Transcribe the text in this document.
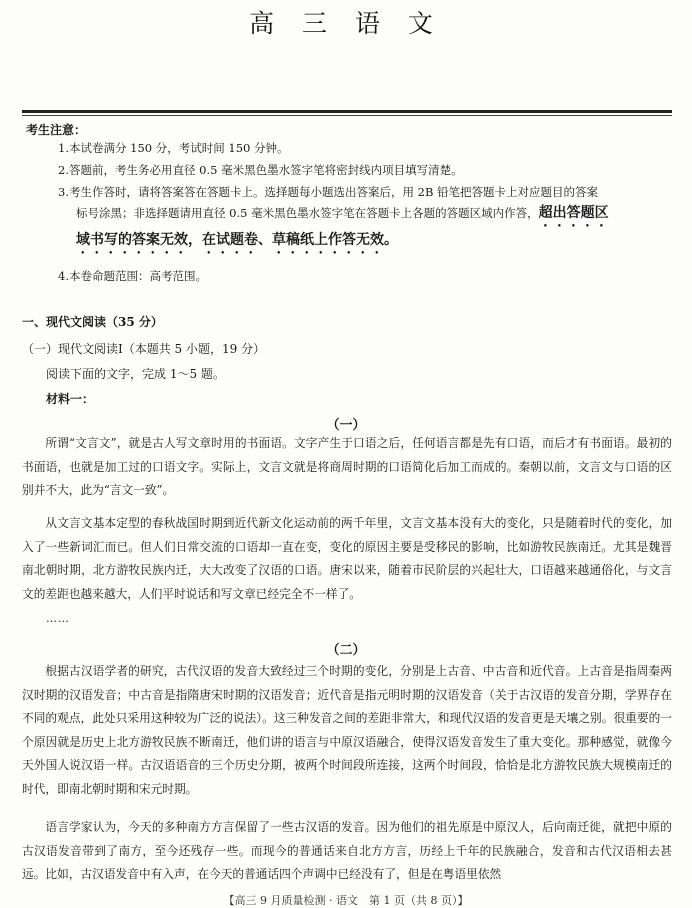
高 三 语 文
考生注意：
1.本试卷满分 150 分，考试时间 150 分钟。
2.答题前，考生务必用直径 0.5 毫米黑色墨水签字笔将密封线内项目填写清楚。
3.考生作答时，请将答案答在答题卡上。选择题每小题选出答案后，用 2B 铅笔把答题卡上对应题目的答案
标号涂黑；非选择题请用直径 0.5 毫米黑色墨水签字笔在答题卡上各题的答题区域内作答，超出答题区
域书写的答案无效，在试题卷、草稿纸上作答无效。
4.本卷命题范围：高考范围。
一、现代文阅读（35 分）
（一）现代文阅读Ⅰ（本题共 5 小题，19 分）
阅读下面的文字，完成 1～5 题。
材料一：
（一）

所谓“文言文”，就是古人写文章时用的书面语。文字产生于口语之后，任何语言都是先有口语，而后才有书面语。最初的书面语，也就是加工过的口语文字。实际上，文言文就是将商周时期的口语简化后加工而成的。秦朝以前，文言文与口语的区别并不大，此为“言文一致”。

从文言文基本定型的春秋战国时期到近代新文化运动前的两千年里，文言文基本没有大的变化，只是随着时代的变化，加入了一些新词汇而已。但人们日常交流的口语却一直在变，变化的原因主要是受移民的影响，比如游牧民族南迁。尤其是魏晋南北朝时期，北方游牧民族内迁，大大改变了汉语的口语。唐宋以来，随着市民阶层的兴起壮大，口语越来越通俗化，与文言文的差距也越来越大，人们平时说话和写文章已经完全不一样了。

……
（二）

根据古汉语学者的研究，古代汉语的发音大致经过三个时期的变化，分别是上古音、中古音和近代音。上古音是指周秦两汉时期的汉语发音；中古音是指隋唐宋时期的汉语发音；近代音是指元明时期的汉语发音（关于古汉语的发音分期，学界存在不同的观点，此处只采用这种较为广泛的说法）。这三种发音之间的差距非常大，和现代汉语的发音更是天壤之别。很重要的一个原因就是历史上北方游牧民族不断南迁，他们讲的语言与中原汉语融合，使得汉语发音发生了重大变化。那种感觉，就像今天外国人说汉语一样。古汉语语音的三个历史分期，被两个时间段所连接，这两个时间段，恰恰是北方游牧民族大规模南迁的时代，即南北朝时期和宋元时期。

语言学家认为，今天的多种南方方言保留了一些古汉语的发音。因为他们的祖先原是中原汉人，后向南迁徙，就把中原的古汉语发音带到了南方，至今还残存一些。而现今的普通话来自北方方言，历经上千年的民族融合，发音和古代汉语相去甚远。比如，古汉语发音中有入声，在今天的普通话四个声调中已经没有了，但是在粤语里依然

【高三 9 月质量检测 · 语文　第 1 页（共 8 页）】
